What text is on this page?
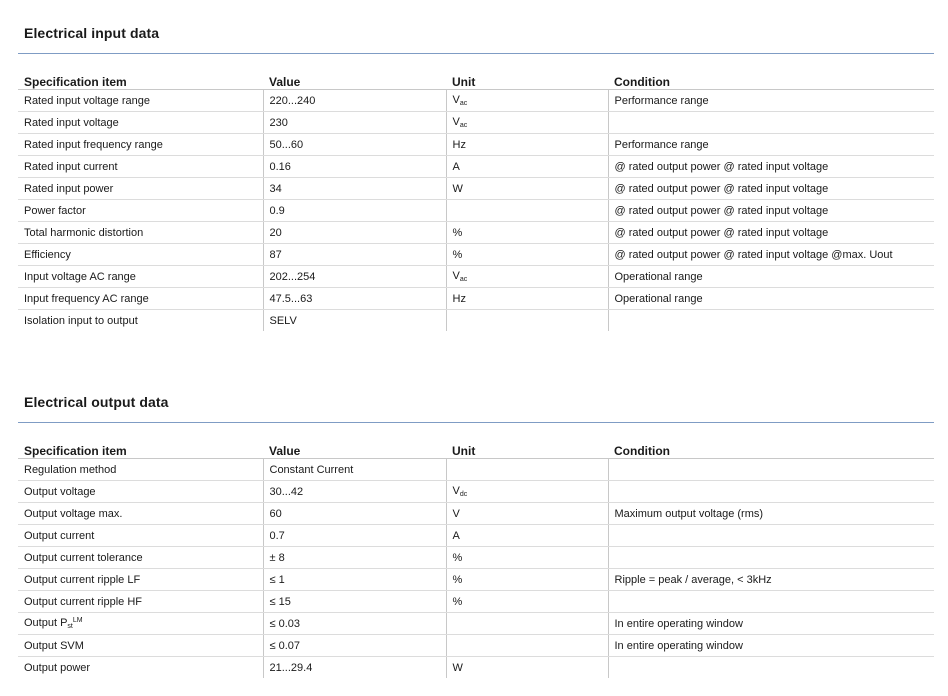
Electrical input data
Specification item	Value	Unit	Condition
Rated input voltage range	220...240	$V_{ac}$	Performance range
Rated input voltage	230	$V_{ac}$	
Rated input frequency range	50...60	Hz	Performance range
Rated input current	0.16	A	@ rated output power @ rated input voltage
Rated input power	34	W	@ rated output power @ rated input voltage
Power factor	0.9		@ rated output power @ rated input voltage
Total harmonic distortion	20	%	@ rated output power @ rated input voltage
Efficiency	87	%	@ rated output power @ rated input voltage @max. Uout
Input voltage AC range	202...254	$V_{ac}$	Operational range
Input frequency AC range	47.5...63	Hz	Operational range
Isolation input to output	SELV		
Electrical output data
Specification item	Value	Unit	Condition
Regulation method	Constant Current		
Output voltage	30...42	$V_{dc}$	
Output voltage max.	60	V	Maximum output voltage (rms)
Output current	0.7	A	
Output current tolerance	± 8	%	
Output current ripple LF	≤ 1	%	Ripple = peak / average, < 3kHz
Output current ripple HF	≤ 15	%	
Output $P_{st}^{LM}$	≤ 0.03		In entire operating window
Output SVM	≤ 0.07		In entire operating window
Output power	21...29.4	W	
